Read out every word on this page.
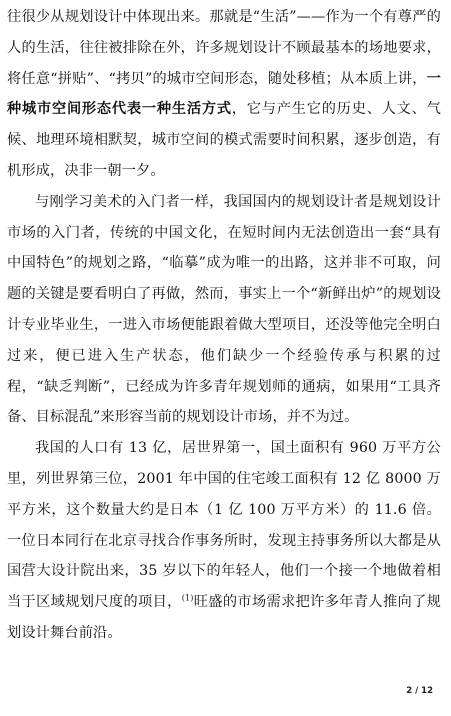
往很少从规划设计中体现出来。那就是“生活”——作为一个有尊严的人的生活，往往被排除在外，许多规划设计不顾最基本的场地要求，将任意“拼贴”、“拷贝”的城市空间形态，随处移植；从本质上讲，一种城市空间形态代表一种生活方式，它与产生它的历史、人文、气候、地理环境相默契，城市空间的模式需要时间积累，逐步创造，有机形成，决非一朝一夕。

与刚学习美术的入门者一样，我国国内的规划设计者是规划设计市场的入门者，传统的中国文化，在短时间内无法创造出一套“具有中国特色”的规划之路，“临摹”成为唯一的出路，这并非不可取，问题的关键是要看明白了再做，然而，事实上一个“新鲜出炉”的规划设计专业毕业生，一进入市场便能跟着做大型项目，还没等他完全明白过来，便已进入生产状态，他们缺少一个经验传承与积累的过程，“缺乏判断”，已经成为许多青年规划师的通病，如果用“工具齐备、目标混乱”来形容当前的规划设计市场，并不为过。

我国的人口有 13 亿，居世界第一，国土面积有 960 万平方公里，列世界第三位，2001 年中国的住宅竣工面积有 12 亿 8000 万平方米，这个数量大约是日本（1 亿 100 万平方米）的 11.6 倍。一位日本同行在北京寻找合作事务所时，发现主持事务所以大都是从国营大设计院出来，35 岁以下的年轻人，他们一个接一个地做着相当于区域规划尺度的项目，$^{(1)}$旺盛的市场需求把许多年青人推向了规划设计舞台前沿。

2 / 12
